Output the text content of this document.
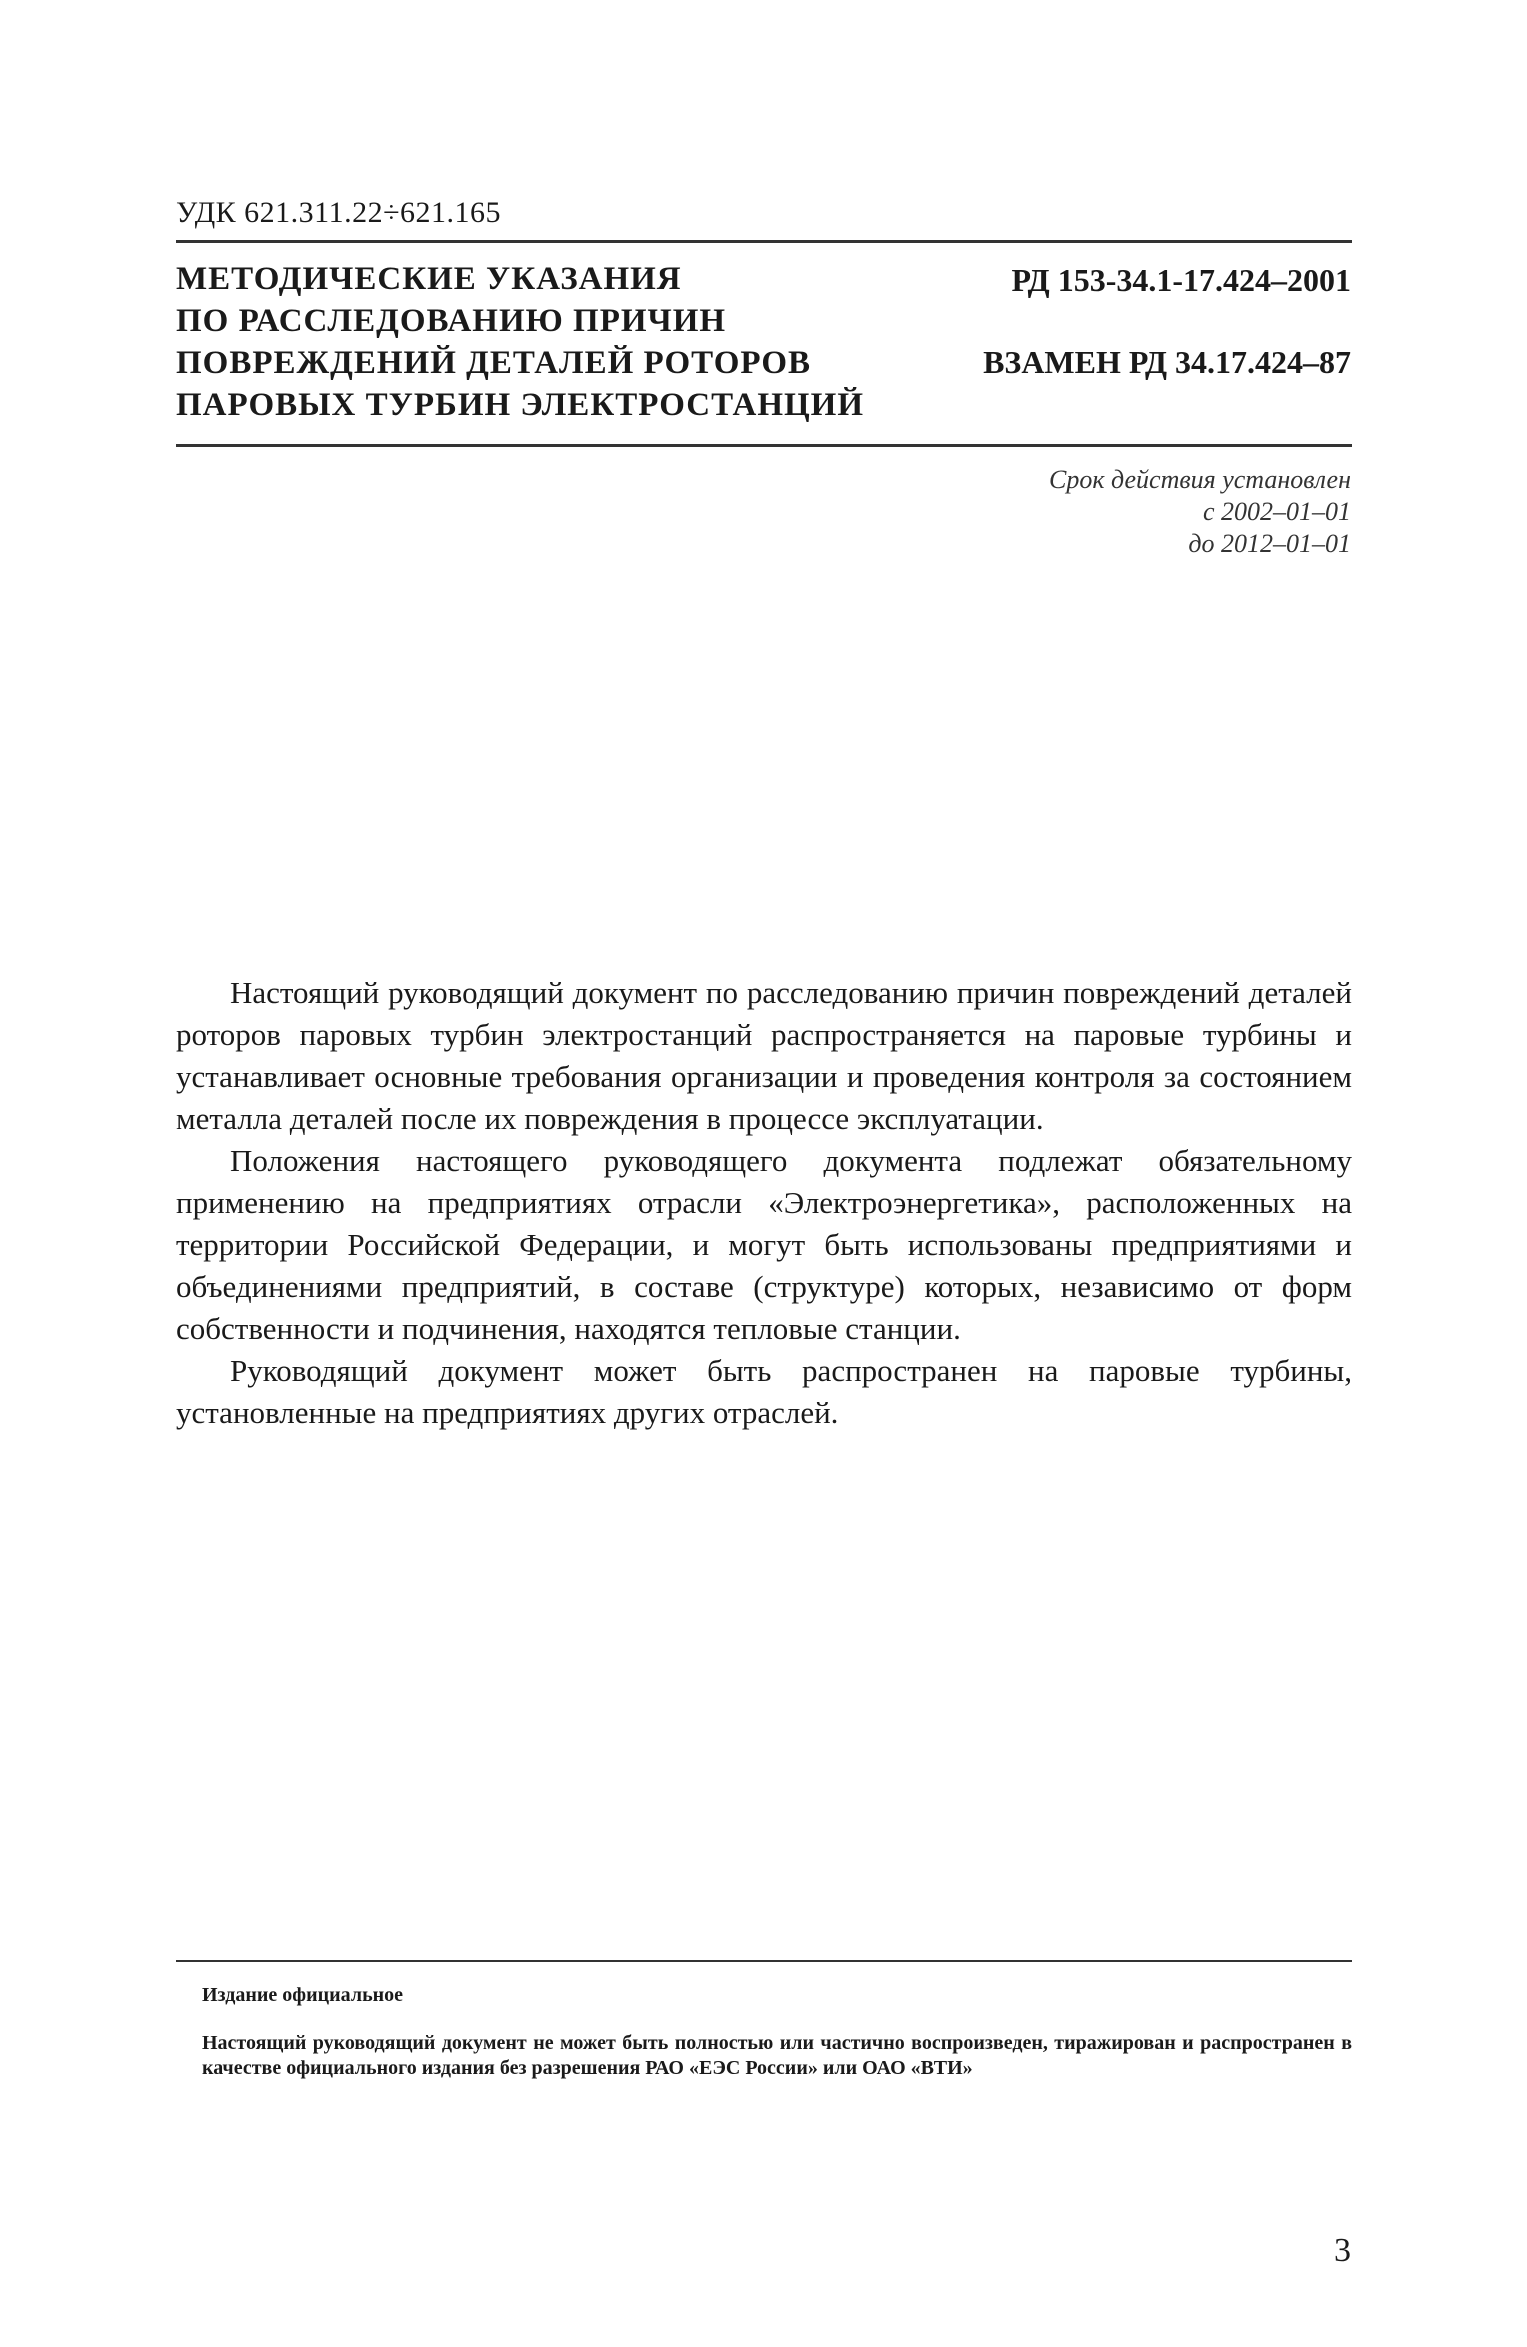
УДК 621.311.22÷621.165
МЕТОДИЧЕСКИЕ УКАЗАНИЯ
ПО РАССЛЕДОВАНИЮ ПРИЧИН
ПОВРЕЖДЕНИЙ ДЕТАЛЕЙ РОТОРОВ
ПАРОВЫХ ТУРБИН ЭЛЕКТРОСТАНЦИЙ
РД 153-34.1-17.424–2001
ВЗАМЕН РД 34.17.424–87
Срок действия установлен
с 2002–01–01
до 2012–01–01

Настоящий руководящий документ по расследованию причин повреждений деталей роторов паровых турбин электростанций распространяется на паровые турбины и устанавливает основные требования организации и проведения контроля за состоянием металла деталей после их повреждения в процессе эксплуатации.

Положения настоящего руководящего документа подлежат обязательному применению на предприятиях отрасли «Электроэнергетика», расположенных на территории Российской Федерации, и могут быть использованы предприятиями и объединениями предприятий, в составе (структуре) которых, независимо от форм собственности и подчинения, находятся тепловые станции.

Руководящий документ может быть распространен на паровые турбины, установленные на предприятиях других отраслей.

Издание официальное
Настоящий руководящий документ не может быть полностью или частично воспроизведен, тиражирован и распространен в качестве официального издания без разрешения РАО «ЕЭС России» или ОАО «ВТИ»
3
